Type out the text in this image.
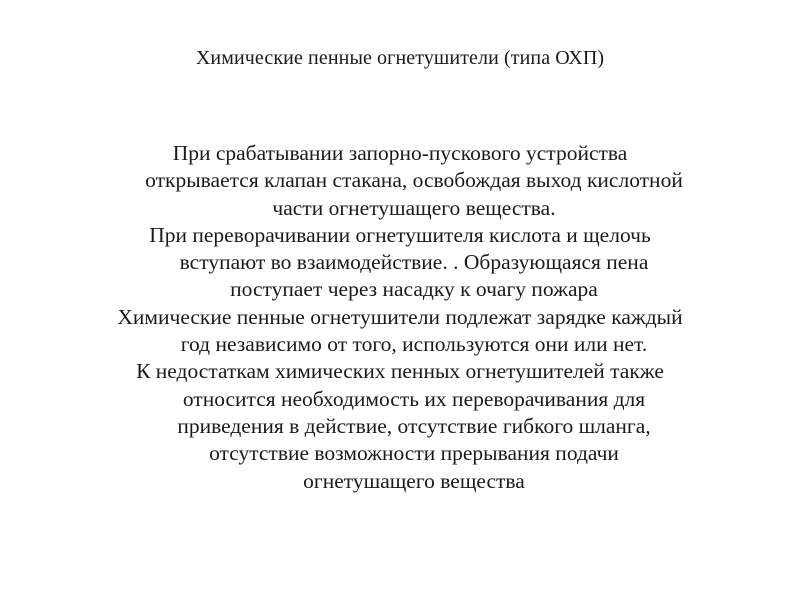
Химические пенные огнетушители (типа ОХП)

При срабатывании запорно-пускового устройства
открывается клапан стакана, освобождая выход кислотной
части огнетушащего вещества.

При переворачивании огнетушителя кислота и щелочь
вступают во взаимодействие. . Образующаяся пена
поступает через насадку к очагу пожара

Химические пенные огнетушители подлежат зарядке каждый
год независимо от того, используются они или нет.

К недостаткам химических пенных огнетушителей также
относится необходимость их переворачивания для
приведения в действие, отсутствие гибкого шланга,
отсутствие возможности прерывания подачи
огнетушащего вещества
